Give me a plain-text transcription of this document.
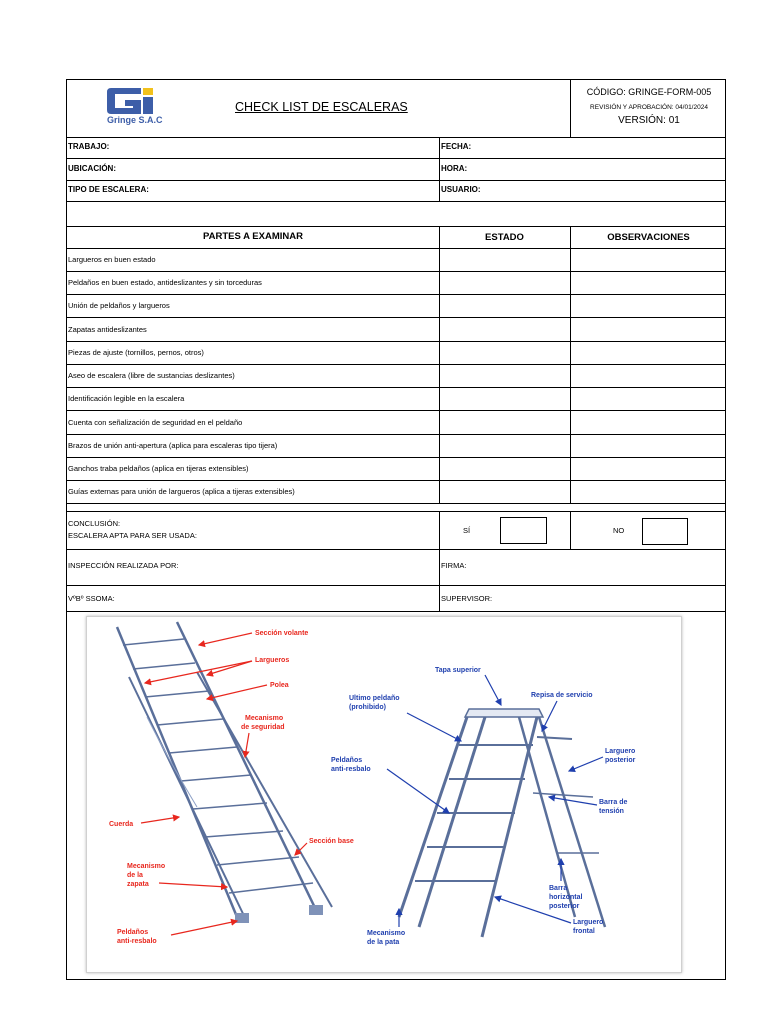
Gringe S.A.C
CHECK LIST DE ESCALERAS
CÓDIGO: GRINGE-FORM-005
REVISIÓN Y APROBACIÓN: 04/01/2024
VERSIÓN: 01
TRABAJO:	FECHA:
UBICACIÓN:	HORA:
TIPO DE ESCALERA:	USUARIO:
PARTES A EXAMINAR	ESTADO	OBSERVACIONES
Largueros en buen estado
Peldaños en buen estado, antideslizantes y sin torceduras
Unión de peldaños y largueros
Zapatas antideslizantes
Piezas de ajuste (tornillos, pernos, otros)
Aseo de escalera (libre de sustancias deslizantes)
Identificación legible en la escalera
Cuenta con señalización de seguridad en el peldaño
Brazos de unión anti-apertura (aplica para escaleras tipo tijera)
Ganchos traba peldaños (aplica en tijeras extensibles)
Guías externas para unión de largueros (aplica a tijeras extensibles)
CONCLUSIÓN:
ESCALERA APTA PARA SER USADA:
SÍ	NO
INSPECCIÓN REALIZADA POR:	FIRMA:
VºBº SSOMA:	SUPERVISOR:
Sección volante
Largueros
Polea
Mecanismo
de seguridad
Cuerda
Sección base
Mecanismo
de la
zapata
Peldaños
anti-resbalo
Tapa superior
Ultimo peldaño
(prohibido)
Repisa de servicio
Peldaños
anti-resbalo
Larguero
posterior
Barra de
tensión
Barra
horizontal
posterior
Larguero
frontal
Mecanismo
de la pata
